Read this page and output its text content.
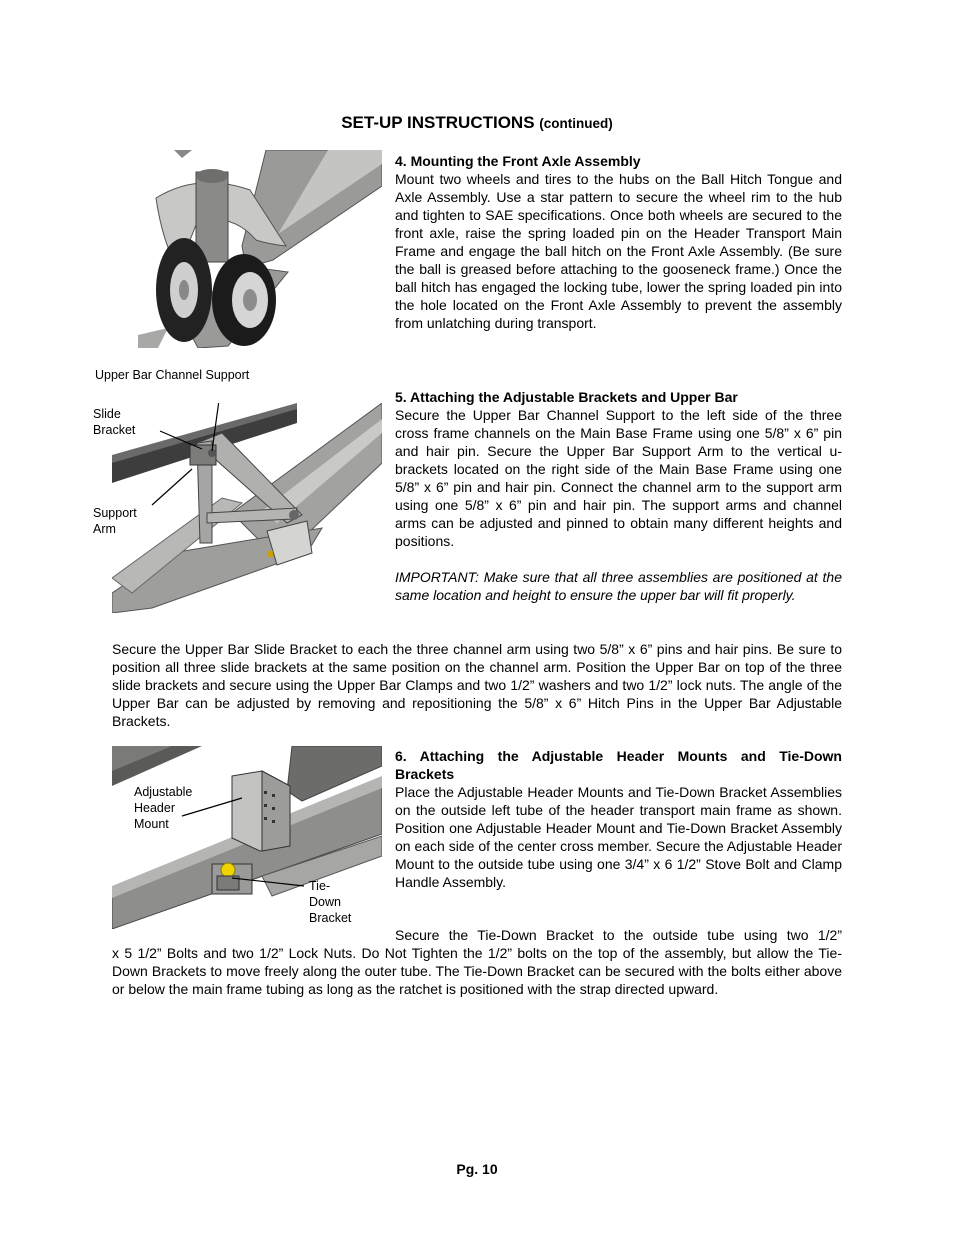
SET-UP INSTRUCTIONS (continued)
4. Mounting the Front Axle Assembly
Mount two wheels and tires to the hubs on the Ball Hitch Tongue and Axle Assembly. Use a star pattern to secure the wheel rim to the hub and tighten to SAE specifications. Once both wheels are secured to the front axle, raise the spring loaded pin on the Header Transport Main Frame and engage the ball hitch on the Front Axle Assembly. (Be sure the ball is greased before attaching to the gooseneck frame.) Once the ball hitch has engaged the locking tube, lower the spring loaded pin into the hole located on the Front Axle Assembly to prevent the assembly from unlatching during transport.
Upper Bar Channel Support
Slide
Bracket
Support
Arm
5. Attaching the Adjustable Brackets and Upper Bar
Secure the Upper Bar Channel Support to the left side of the three cross frame channels on the Main Base Frame using one 5/8” x 6” pin and hair pin. Secure the Upper Bar Support Arm to the vertical u-brackets located on the right side of the Main Base Frame using one 5/8” x 6” pin and hair pin. Connect the channel arm to the support arm using one 5/8” x 6” pin and hair pin. The support arms and channel arms can be adjusted and pinned to obtain many different heights and positions.
IMPORTANT: Make sure that all three assemblies are positioned at the same location and height to ensure the upper bar will fit properly.
Secure the Upper Bar Slide Bracket to each the three channel arm using two 5/8” x 6” pins and hair pins. Be sure to position all three slide brackets at the same position on the channel arm. Position the Upper Bar on top of the three slide brackets and secure using the Upper Bar Clamps and two 1/2” washers and two 1/2” lock nuts. The angle of the Upper Bar can be adjusted by removing and repositioning the 5/8” x 6” Hitch Pins in the Upper Bar Adjustable Brackets.
Adjustable
Header
Mount
Tie-
Down
Bracket
6. Attaching the Adjustable Header Mounts and Tie-Down
Brackets
Place the Adjustable Header Mounts and Tie-Down Bracket Assemblies on the outside left tube of the header transport main frame as shown. Position one Adjustable Header Mount and Tie-Down Bracket Assembly on each side of the center cross member. Secure the Adjustable Header Mount to the outside tube using one 3/4” x 6 1/2” Stove Bolt and Clamp Handle Assembly.
Secure the Tie-Down Bracket to the outside tube using two 1/2”
x 5 1/2” Bolts and two 1/2” Lock Nuts. Do Not Tighten the 1/2” bolts on the top of the assembly, but allow the Tie-Down Brackets to move freely along the outer tube. The Tie-Down Bracket can be secured with the bolts either above or below the main frame tubing as long as the ratchet is positioned with the strap directed upward.
Pg. 10
